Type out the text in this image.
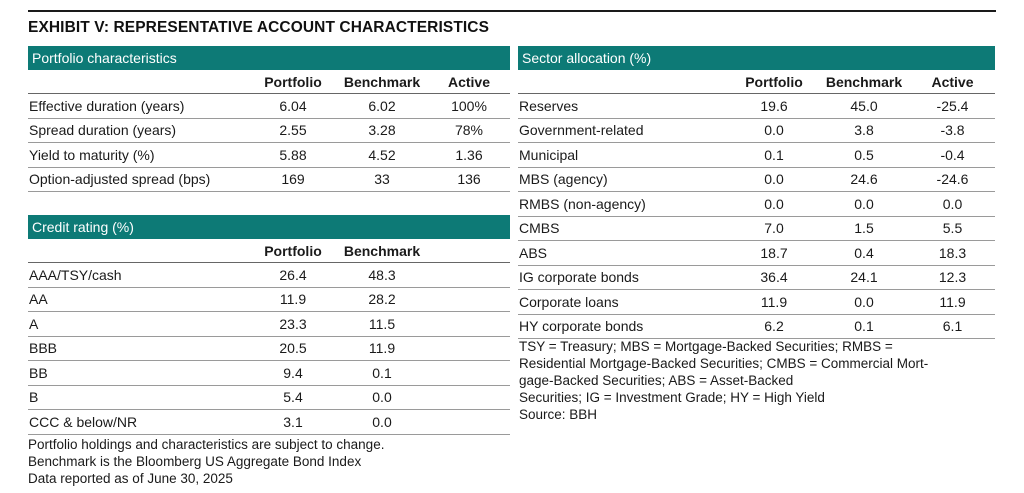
EXHIBIT V: REPRESENTATIVE ACCOUNT CHARACTERISTICS
Portfolio characteristics
	Portfolio	Benchmark	Active
Effective duration (years)	6.04	6.02	100%
Spread duration (years)	2.55	3.28	78%
Yield to maturity (%)	5.88	4.52	1.36
Option-adjusted spread (bps)	169	33	136
Credit rating (%)
	Portfolio	Benchmark	
AAA/TSY/cash	26.4	48.3	
AA	11.9	28.2	
A	23.3	11.5	
BBB	20.5	11.9	
BB	9.4	0.1	
B	5.4	0.0	
CCC & below/NR	3.1	0.0	
Sector allocation (%)
	Portfolio	Benchmark	Active
Reserves	19.6	45.0	-25.4
Government-related	0.0	3.8	-3.8
Municipal	0.1	0.5	-0.4
MBS (agency)	0.0	24.6	-24.6
RMBS (non-agency)	0.0	0.0	0.0
CMBS	7.0	1.5	5.5
ABS	18.7	0.4	18.3
IG corporate bonds	36.4	24.1	12.3
Corporate loans	11.9	0.0	11.9
HY corporate bonds	6.2	0.1	6.1
Portfolio holdings and characteristics are subject to change.
Benchmark is the Bloomberg US Aggregate Bond Index
Data reported as of June 30, 2025
TSY = Treasury; MBS = Mortgage-Backed Securities; RMBS =
Residential Mortgage-Backed Securities; CMBS = Commercial Mort-
gage-Backed Securities; ABS = Asset-Backed
Securities; IG = Investment Grade; HY = High Yield
Source: BBH
